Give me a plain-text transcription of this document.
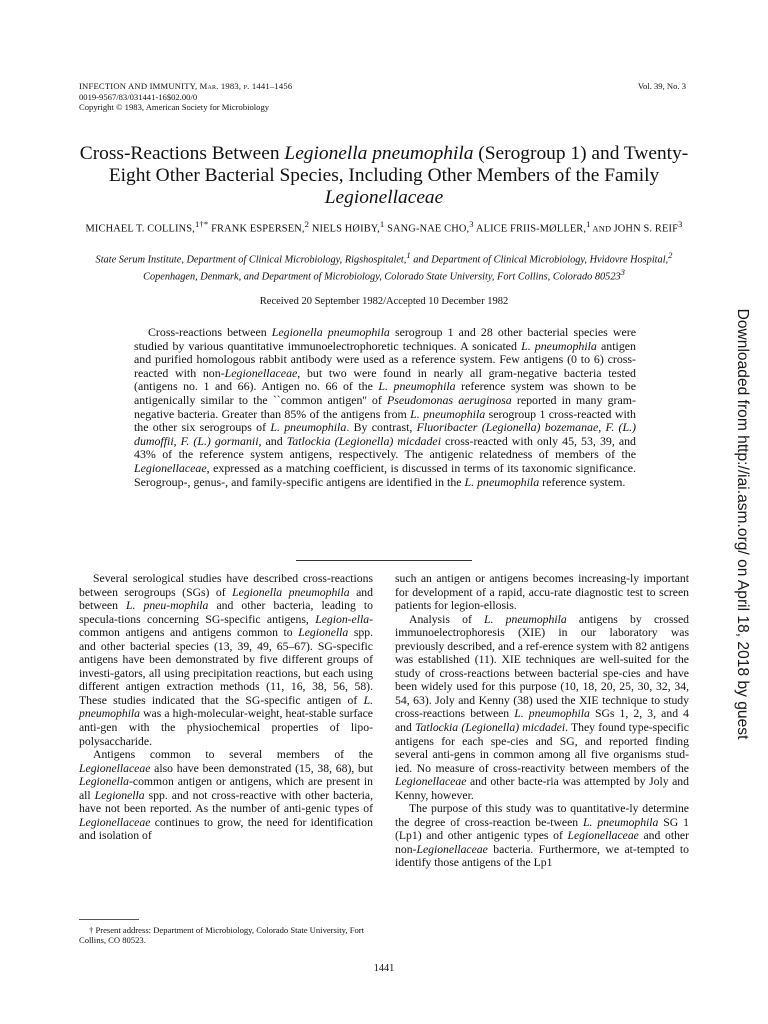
INFECTION AND IMMUNITY, Mar. 1983, p. 1441–1456
0019-9567/83/031441-16$02.00/0
Copyright © 1983, American Society for Microbiology
Vol. 39, No. 3
Cross-Reactions Between Legionella pneumophila (Serogroup 1) and Twenty-Eight Other Bacterial Species, Including Other Members of the Family Legionellaceae
MICHAEL T. COLLINS,$^{1\dagger*}$ FRANK ESPERSEN,$^2$ NIELS HØIBY,$^1$ SANG-NAE CHO,$^3$ ALICE FRIIS-MØLLER,$^1$ AND JOHN S. REIF$^3$
State Serum Institute, Department of Clinical Microbiology, Rigshospitalet,$^1$ and Department of Clinical Microbiology, Hvidovre Hospital,$^2$ Copenhagen, Denmark, and Department of Microbiology, Colorado State University, Fort Collins, Colorado 80523$^3$
Received 20 September 1982/Accepted 10 December 1982

Cross-reactions between Legionella pneumophila serogroup 1 and 28 other bacterial species were studied by various quantitative immunoelectrophoretic techniques. A sonicated L. pneumophila antigen and purified homologous rabbit antibody were used as a reference system. Few antigens (0 to 6) cross-reacted with non-Legionellaceae, but two were found in nearly all gram-negative bacteria tested (antigens no. 1 and 66). Antigen no. 66 of the L. pneumophila reference system was shown to be antigenically similar to the ``common antigen'' of Pseudomonas aeruginosa reported in many gram-negative bacteria. Greater than 85% of the antigens from L. pneumophila serogroup 1 cross-reacted with the other six serogroups of L. pneumophila. By contrast, Fluoribacter (Legionella) bozemanae, F. (L.) dumoffii, F. (L.) gormanii, and Tatlockia (Legionella) micdadei cross-reacted with only 45, 53, 39, and 43% of the reference system antigens, respectively. The antigenic relatedness of members of the Legionellaceae, expressed as a matching coefficient, is discussed in terms of its taxonomic significance. Serogroup-, genus-, and family-specific antigens are identified in the L. pneumophila reference system.

Several serological studies have described cross-reactions between serogroups (SGs) of Legionella pneumophila and between L. pneu-mophila and other bacteria, leading to specula-tions concerning SG-specific antigens, Legion-ella-common antigens and antigens common to Legionella spp. and other bacterial species (13, 39, 49, 65–67). SG-specific antigens have been demonstrated by five different groups of investi-gators, all using precipitation reactions, but each using different antigen extraction methods (11, 16, 38, 56, 58). These studies indicated that the SG-specific antigen of L. pneumophila was a high-molecular-weight, heat-stable surface anti-gen with the physiochemical properties of lipo-polysaccharide.

Antigens common to several members of the Legionellaceae also have been demonstrated (15, 38, 68), but Legionella-common antigen or antigens, which are present in all Legionella spp. and not cross-reactive with other bacteria, have not been reported. As the number of anti-genic types of Legionellaceae continues to grow, the need for identification and isolation of

such an antigen or antigens becomes increasing-ly important for development of a rapid, accu-rate diagnostic test to screen patients for legion-ellosis.

Analysis of L. pneumophila antigens by crossed immunoelectrophoresis (XIE) in our laboratory was previously described, and a ref-erence system with 82 antigens was established (11). XIE techniques are well-suited for the study of cross-reactions between bacterial spe-cies and have been widely used for this purpose (10, 18, 20, 25, 30, 32, 34, 54, 63). Joly and Kenny (38) used the XIE technique to study cross-reactions between L. pneumophila SGs 1, 2, 3, and 4 and Tatlockia (Legionella) micdadei. They found type-specific antigens for each spe-cies and SG, and reported finding several anti-gens in common among all five organisms stud-ied. No measure of cross-reactivity between members of the Legionellaceae and other bacte-ria was attempted by Joly and Kenny, however.

The purpose of this study was to quantitative-ly determine the degree of cross-reaction be-tween L. pneumophila SG 1 (Lp1) and other antigenic types of Legionellaceae and other non-Legionellaceae bacteria. Furthermore, we at-tempted to identify those antigens of the Lp1

† Present address: Department of Microbiology, Colorado State University, Fort Collins, CO 80523.
1441
Downloaded from http://iai.asm.org/ on April 18, 2018 by guest
